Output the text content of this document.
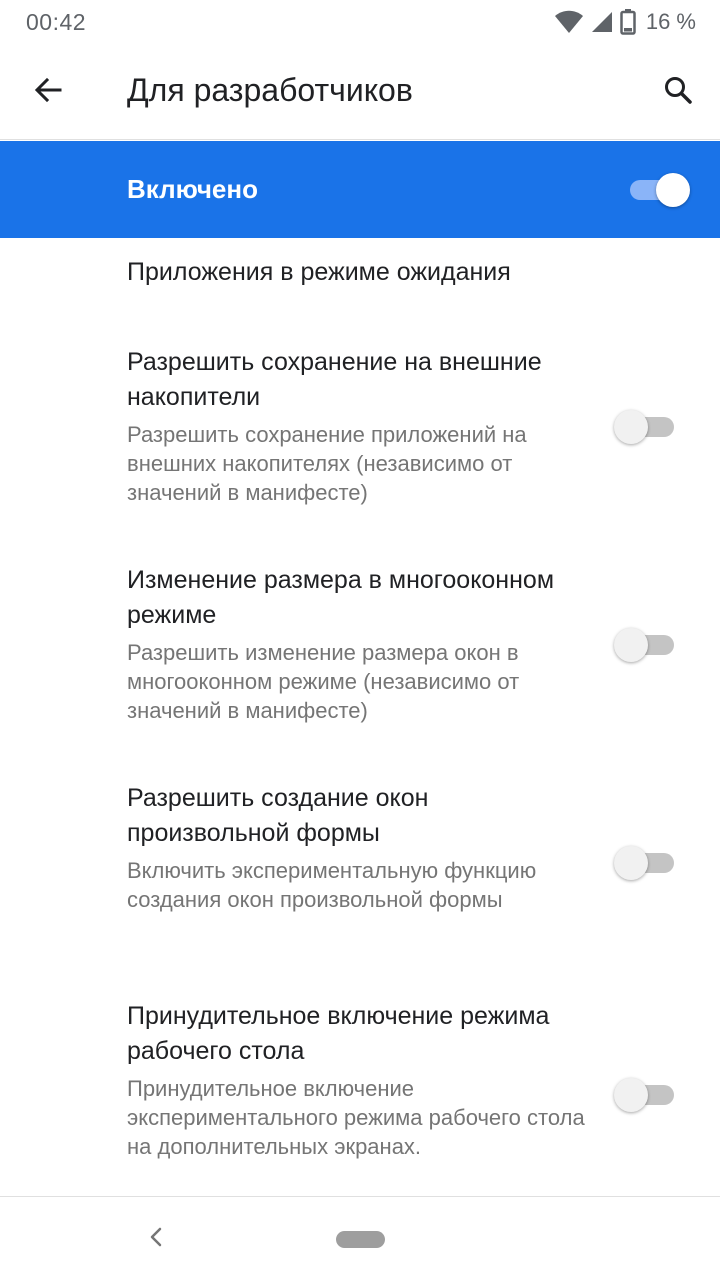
00:42	16 %
Для разработчиков
Включено
Приложения в режиме ожидания
Разрешить сохранение на внешние накопители
Разрешить сохранение приложений на внешних накопителях (независимо от значений в манифесте)
Изменение размера в многооконном режиме
Разрешить изменение размера окон в многооконном режиме (независимо от значений в манифесте)
Разрешить создание окон произвольной формы
Включить экспериментальную функцию создания окон произвольной формы
Принудительное включение режима рабочего стола
Принудительное включение экспериментального режима рабочего стола на дополнительных экранах.
